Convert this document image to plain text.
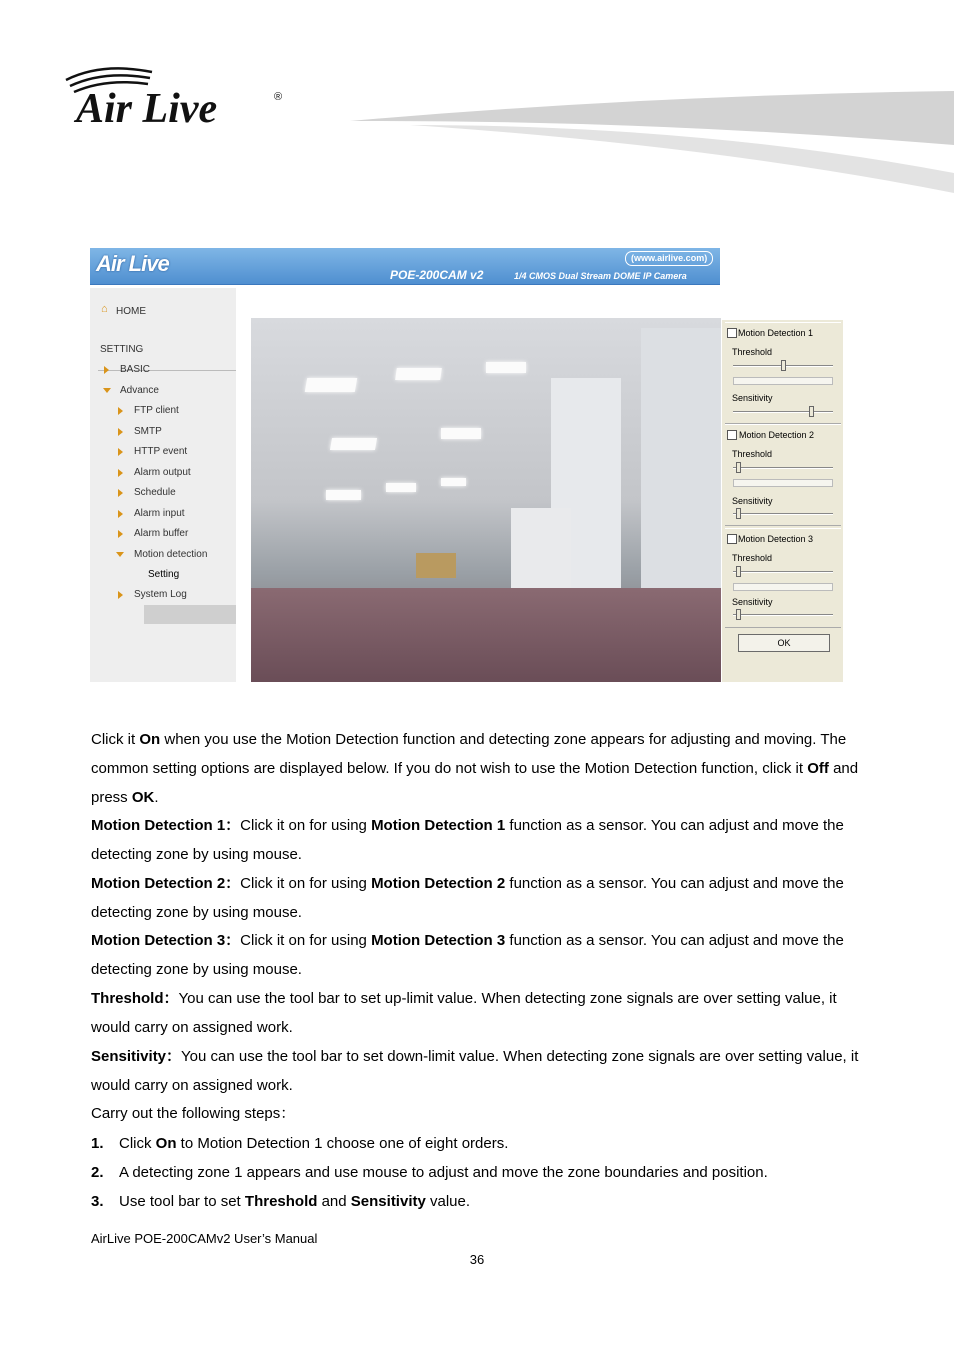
Air Live	®
Air Live	(www.airlive.com)
POE-200CAM v2	1/4 CMOS Dual Stream DOME IP Camera
⌂ HOME
SETTING
BASIC
Advance
FTP client
SMTP
HTTP event
Alarm output
Schedule
Alarm input
Alarm buffer
Motion detection
Setting
System Log
Motion Detection 1
Threshold
Sensitivity
Motion Detection 2
Threshold
Sensitivity
Motion Detection 3
Threshold
Sensitivity
OK
Click it On when you use the Motion Detection function and detecting zone appears for adjusting and moving. The common setting options are displayed below. If you do not wish to use the Motion Detection function, click it Off and press OK.
Motion Detection 1：Click it on for using Motion Detection 1 function as a sensor. You can adjust and move the detecting zone by using mouse.
Motion Detection 2：Click it on for using Motion Detection 2 function as a sensor. You can adjust and move the detecting zone by using mouse.
Motion Detection 3：Click it on for using Motion Detection 3 function as a sensor. You can adjust and move the detecting zone by using mouse.
Threshold：You can use the tool bar to set up-limit value. When detecting zone signals are over setting value, it would carry on assigned work.
Sensitivity：You can use the tool bar to set down-limit value. When detecting zone signals are over setting value, it would carry on assigned work.
Carry out the following steps：
1. Click On to Motion Detection 1 choose one of eight orders.
2. A detecting zone 1 appears and use mouse to adjust and move the zone boundaries and position.
3. Use tool bar to set Threshold and Sensitivity value.
AirLive POE-200CAMv2 User’s Manual
36
